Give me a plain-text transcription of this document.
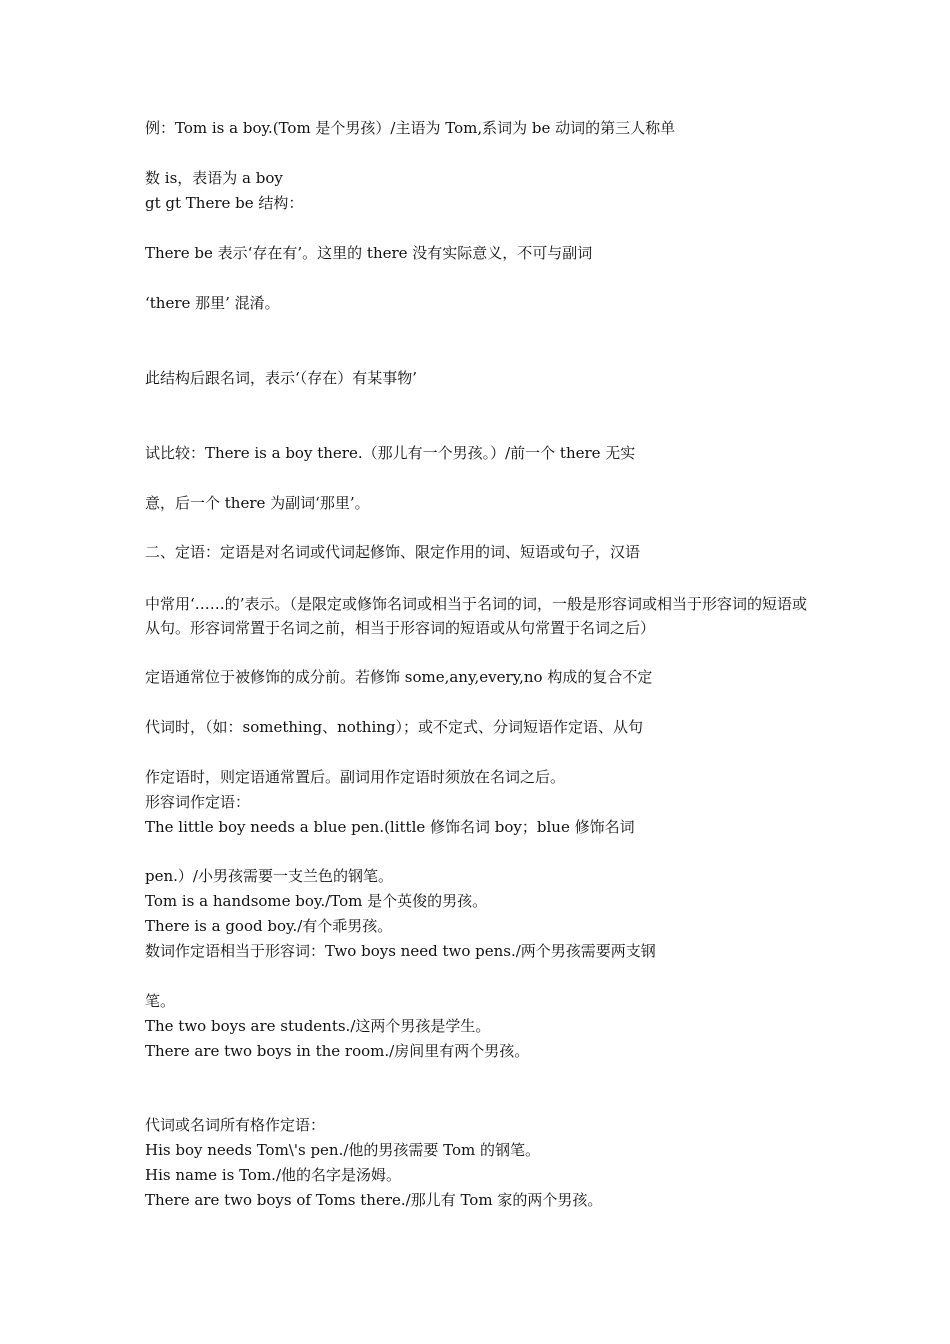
例：Tom is a boy.(Tom 是个男孩）/主语为 Tom,系词为 be 动词的第三人称单
数 is，表语为 a boy
gt gt There be 结构：
There be 表示‘存在有’。这里的 there 没有实际意义，不可与副词
‘there 那里’ 混淆。
此结构后跟名词，表示‘（存在）有某事物’
试比较：There is a boy there.（那儿有一个男孩。）/前一个 there 无实
意，后一个 there 为副词‘那里’。
二、定语：定语是对名词或代词起修饰、限定作用的词、短语或句子，汉语
中常用‘……的’表示。（是限定或修饰名词或相当于名词的词，一般是形容词或相当于形容词的短语或从句。形容词常置于名词之前，相当于形容词的短语或从句常置于名词之后）
定语通常位于被修饰的成分前。若修饰 some,any,every,no 构成的复合不定
代词时，（如：something、nothing）；或不定式、分词短语作定语、从句
作定语时，则定语通常置后。副词用作定语时须放在名词之后。
形容词作定语：
The little boy needs a blue pen.(little 修饰名词 boy；blue 修饰名词
pen.）/小男孩需要一支兰色的钢笔。
Tom is a handsome boy./Tom 是个英俊的男孩。
There is a good boy./有个乖男孩。
数词作定语相当于形容词：Two boys need two pens./两个男孩需要两支钢
笔。
The two boys are students./这两个男孩是学生。
There are two boys in the room./房间里有两个男孩。
代词或名词所有格作定语：
His boy needs Tom\'s pen./他的男孩需要 Tom 的钢笔。
His name is Tom./他的名字是汤姆。
There are two boys of Toms there./那儿有 Tom 家的两个男孩。
